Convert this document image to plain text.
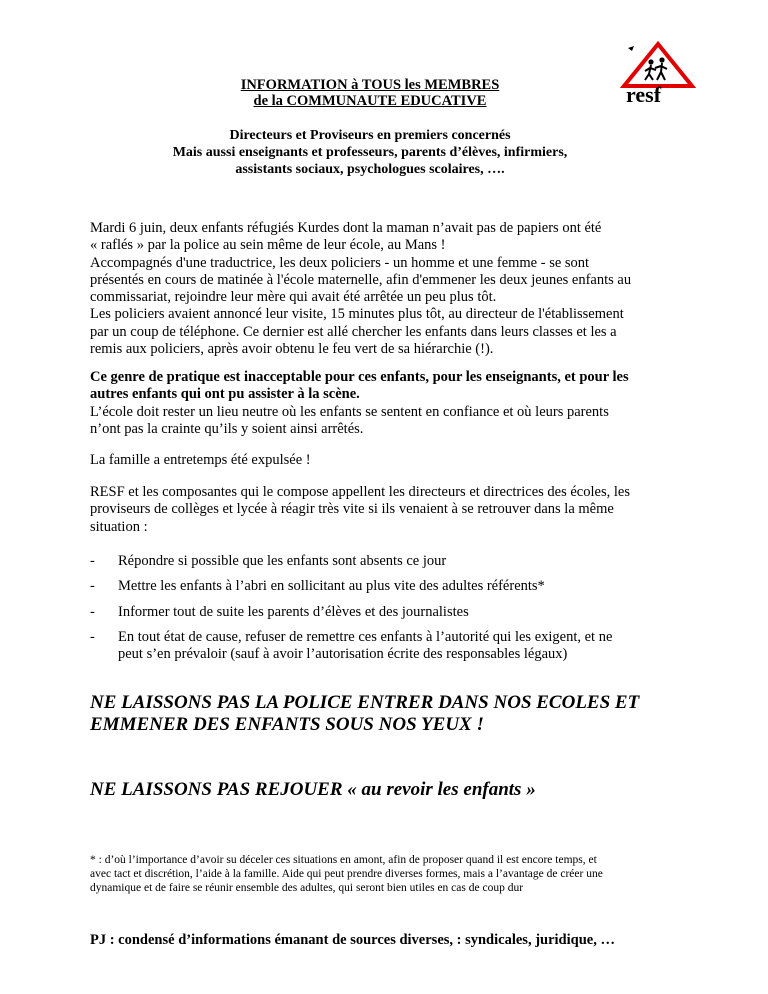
INFORMATION à TOUS les MEMBRES
de la COMMUNAUTE EDUCATIVE	resf
Directeurs et Proviseurs en premiers concernés
Mais aussi enseignants et professeurs, parents d’élèves, infirmiers,
assistants sociaux, psychologues scolaires, ….
Mardi 6 juin, deux enfants réfugiés Kurdes dont la maman n’avait pas de papiers ont été
« raflés » par la police au sein même de leur école, au Mans !
Accompagnés d'une traductrice, les deux policiers - un homme et une femme - se sont
présentés en cours de matinée à l'école maternelle, afin d'emmener les deux jeunes enfants au
commissariat, rejoindre leur mère qui avait été arrêtée un peu plus tôt.
Les policiers avaient annoncé leur visite, 15 minutes plus tôt, au directeur de l'établissement
par un coup de téléphone. Ce dernier est allé chercher les enfants dans leurs classes et les a
remis aux policiers, après avoir obtenu le feu vert de sa hiérarchie (!).
Ce genre de pratique est inacceptable pour ces enfants, pour les enseignants, et pour les
autres enfants qui ont pu assister à la scène.
L’école doit rester un lieu neutre où les enfants se sentent en confiance et où leurs parents
n’ont pas la crainte qu’ils y soient ainsi arrêtés.
La famille a entretemps été expulsée !
RESF et les composantes qui le compose appellent les directeurs et directrices des écoles, les
proviseurs de collèges et lycée à réagir très vite si ils venaient à se retrouver dans la même
situation :
- Répondre si possible que les enfants sont absents ce jour
- Mettre les enfants à l’abri en sollicitant au plus vite des adultes référents*
- Informer tout de suite les parents d’élèves et des journalistes
- En tout état de cause, refuser de remettre ces enfants à l’autorité qui les exigent, et ne
peut s’en prévaloir (sauf à avoir l’autorisation écrite des responsables légaux)
NE LAISSONS PAS LA POLICE ENTRER DANS NOS ECOLES ET
EMMENER DES ENFANTS SOUS NOS YEUX !
NE LAISSONS PAS REJOUER « au revoir les enfants »
* : d’où l’importance d’avoir su déceler ces situations en amont, afin de proposer quand il est encore temps, et
avec tact et discrétion, l’aide à la famille. Aide qui peut prendre diverses formes, mais a l’avantage de créer une
dynamique et de faire se réunir ensemble des adultes, qui seront bien utiles en cas de coup dur
PJ : condensé d’informations émanant de sources diverses, : syndicales, juridique, …
